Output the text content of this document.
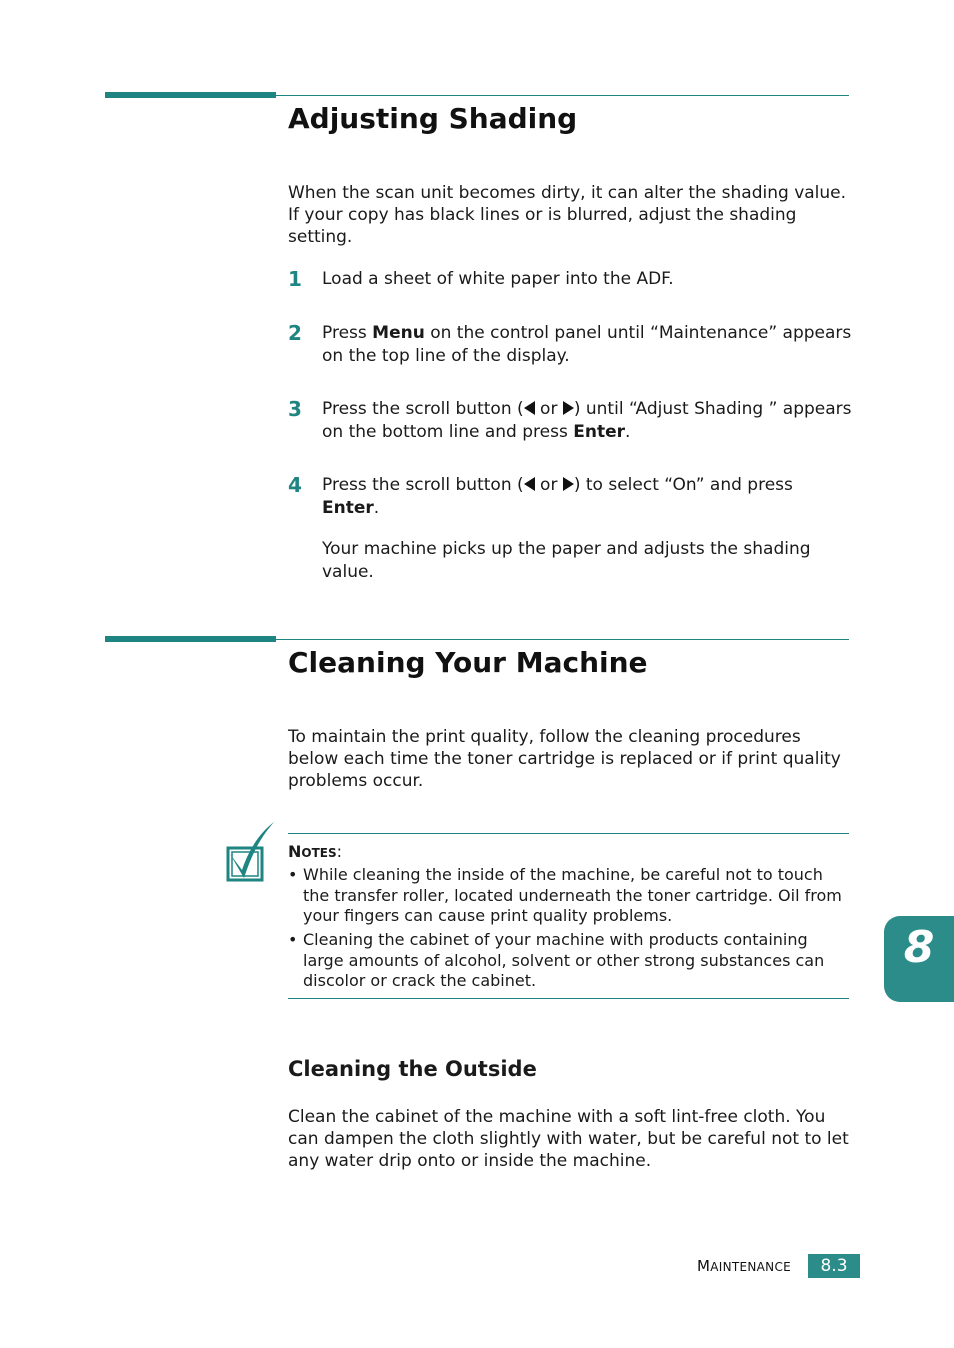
Adjusting Shading

When the scan unit becomes dirty, it can alter the shading value. If your copy has black lines or is blurred, adjust the shading setting.

1 Load a sheet of white paper into the ADF.

2 Press Menu on the control panel until “Maintenance” appears on the top line of the display.

3 Press the scroll button ( or ) until “Adjust Shading ” appears on the bottom line and press Enter.

4 Press the scroll button ( or ) to select “On” and press Enter.

Your machine picks up the paper and adjusts the shading value.

Cleaning Your Machine

To maintain the print quality, follow the cleaning procedures below each time the toner cartridge is replaced or if print quality problems occur.

NOTES:
• While cleaning the inside of the machine, be careful not to touch the transfer roller, located underneath the toner cartridge. Oil from your fingers can cause print quality problems.
• Cleaning the cabinet of your machine with products containing large amounts of alcohol, solvent or other strong substances can discolor or crack the cabinet.
Cleaning the Outside

Clean the cabinet of the machine with a soft lint-free cloth. You can dampen the cloth slightly with water, but be careful not to let any water drip onto or inside the machine.

8
MAINTENANCE	8.3
